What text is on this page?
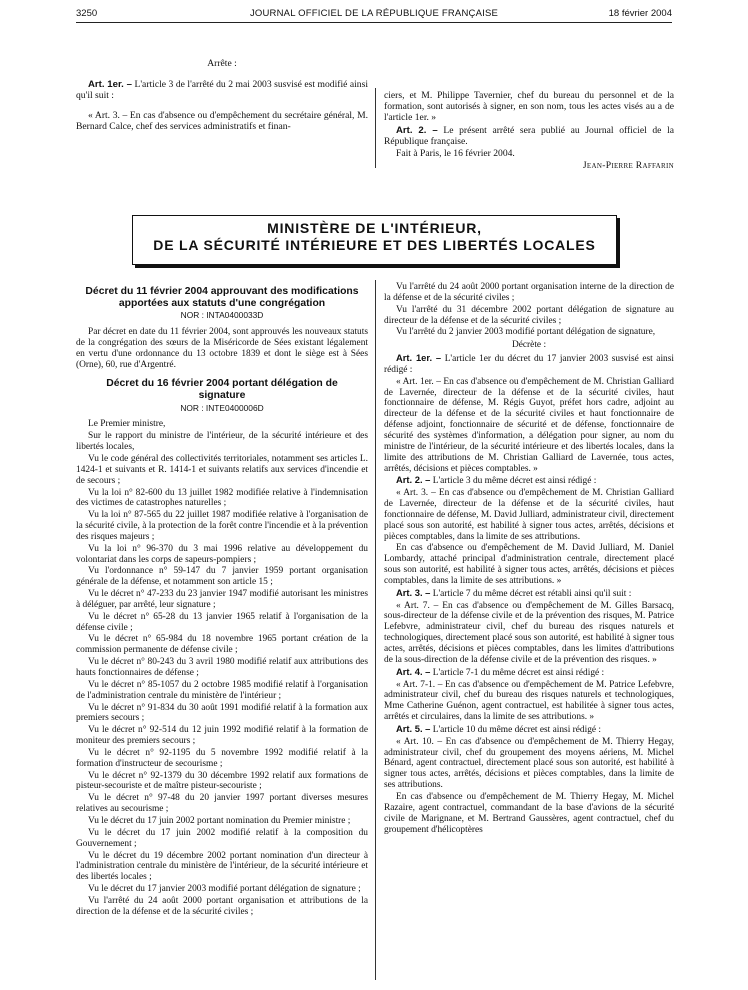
3250	JOURNAL OFFICIEL DE LA RÉPUBLIQUE FRANÇAISE	18 février 2004

Arrête :

Art. 1er. – L'article 3 de l'arrêté du 2 mai 2003 susvisé est modifié ainsi qu'il suit :

« Art. 3. – En cas d'absence ou d'empêchement du secrétaire général, M. Bernard Calce, chef des services administratifs et finan-

ciers, et M. Philippe Tavernier, chef du bureau du personnel et de la formation, sont autorisés à signer, en son nom, tous les actes visés au a de l'article 1er. »

Art. 2. – Le présent arrêté sera publié au Journal officiel de la République française.

Fait à Paris, le 16 février 2004.

Jean-Pierre Raffarin

MINISTÈRE DE L'INTÉRIEUR,
DE LA SÉCURITÉ INTÉRIEURE ET DES LIBERTÉS LOCALES
Décret du 11 février 2004 approuvant des modifications apportées aux statuts d'une congrégation
NOR : INTA0400033D

Par décret en date du 11 février 2004, sont approuvés les nouveaux statuts de la congrégation des sœurs de la Miséricorde de Sées existant légalement en vertu d'une ordonnance du 13 octobre 1839 et dont le siège est à Sées (Orne), 60, rue d'Argentré.

Décret du 16 février 2004 portant délégation de signature
NOR : INTE0400006D

Le Premier ministre,

Sur le rapport du ministre de l'intérieur, de la sécurité intérieure et des libertés locales,

Vu le code général des collectivités territoriales, notamment ses articles L. 1424-1 et suivants et R. 1414-1 et suivants relatifs aux services d'incendie et de secours ;

Vu la loi n° 82-600 du 13 juillet 1982 modifiée relative à l'indemnisation des victimes de catastrophes naturelles ;

Vu la loi n° 87-565 du 22 juillet 1987 modifiée relative à l'organisation de la sécurité civile, à la protection de la forêt contre l'incendie et à la prévention des risques majeurs ;

Vu la loi n° 96-370 du 3 mai 1996 relative au développement du volontariat dans les corps de sapeurs-pompiers ;

Vu l'ordonnance n° 59-147 du 7 janvier 1959 portant organisation générale de la défense, et notamment son article 15 ;

Vu le décret n° 47-233 du 23 janvier 1947 modifié autorisant les ministres à déléguer, par arrêté, leur signature ;

Vu le décret n° 65-28 du 13 janvier 1965 relatif à l'organisation de la défense civile ;

Vu le décret n° 65-984 du 18 novembre 1965 portant création de la commission permanente de défense civile ;

Vu le décret n° 80-243 du 3 avril 1980 modifié relatif aux attributions des hauts fonctionnaires de défense ;

Vu le décret n° 85-1057 du 2 octobre 1985 modifié relatif à l'organisation de l'administration centrale du ministère de l'intérieur ;

Vu le décret n° 91-834 du 30 août 1991 modifié relatif à la formation aux premiers secours ;

Vu le décret n° 92-514 du 12 juin 1992 modifié relatif à la formation de moniteur des premiers secours ;

Vu le décret n° 92-1195 du 5 novembre 1992 modifié relatif à la formation d'instructeur de secourisme ;

Vu le décret n° 92-1379 du 30 décembre 1992 relatif aux formations de pisteur-secouriste et de maître pisteur-secouriste ;

Vu le décret n° 97-48 du 20 janvier 1997 portant diverses mesures relatives au secourisme ;

Vu le décret du 17 juin 2002 portant nomination du Premier ministre ;

Vu le décret du 17 juin 2002 modifié relatif à la composition du Gouvernement ;

Vu le décret du 19 décembre 2002 portant nomination d'un directeur à l'administration centrale du ministère de l'intérieur, de la sécurité intérieure et des libertés locales ;

Vu le décret du 17 janvier 2003 modifié portant délégation de signature ;

Vu l'arrêté du 24 août 2000 portant organisation et attributions de la direction de la défense et de la sécurité civiles ;

Vu l'arrêté du 24 août 2000 portant organisation interne de la direction de la défense et de la sécurité civiles ;

Vu l'arrêté du 31 décembre 2002 portant délégation de signature au directeur de la défense et de la sécurité civiles ;

Vu l'arrêté du 2 janvier 2003 modifié portant délégation de signature,

Décrète :

Art. 1er. – L'article 1er du décret du 17 janvier 2003 susvisé est ainsi rédigé :

« Art. 1er. – En cas d'absence ou d'empêchement de M. Christian Galliard de Lavernée, directeur de la défense et de la sécurité civiles, haut fonctionnaire de défense, M. Régis Guyot, préfet hors cadre, adjoint au directeur de la défense et de la sécurité civiles et haut fonctionnaire de défense adjoint, fonctionnaire de sécurité et de défense, fonctionnaire de sécurité des systèmes d'information, a délégation pour signer, au nom du ministre de l'intérieur, de la sécurité intérieure et des libertés locales, dans la limite des attributions de M. Christian Galliard de Lavernée, tous actes, arrêtés, décisions et pièces comptables. »

Art. 2. – L'article 3 du même décret est ainsi rédigé :

« Art. 3. – En cas d'absence ou d'empêchement de M. Christian Galliard de Lavernée, directeur de la défense et de la sécurité civiles, haut fonctionnaire de défense, M. David Julliard, administrateur civil, directement placé sous son autorité, est habilité à signer tous actes, arrêtés, décisions et pièces comptables, dans la limite de ses attributions.

En cas d'absence ou d'empêchement de M. David Julliard, M. Daniel Lombardy, attaché principal d'administration centrale, directement placé sous son autorité, est habilité à signer tous actes, arrêtés, décisions et pièces comptables, dans la limite de ses attributions. »

Art. 3. – L'article 7 du même décret est rétabli ainsi qu'il suit :

« Art. 7. – En cas d'absence ou d'empêchement de M. Gilles Barsacq, sous-directeur de la défense civile et de la prévention des risques, M. Patrice Lefebvre, administrateur civil, chef du bureau des risques naturels et technologiques, directement placé sous son autorité, est habilité à signer tous actes, arrêtés, décisions et pièces comptables, dans les limites d'attributions de la sous-direction de la défense civile et de la prévention des risques. »

Art. 4. – L'article 7-1 du même décret est ainsi rédigé :

« Art. 7-1. – En cas d'absence ou d'empêchement de M. Patrice Lefebvre, administrateur civil, chef du bureau des risques naturels et technologiques, Mme Catherine Guénon, agent contractuel, est habilitée à signer tous actes, arrêtés et circulaires, dans la limite de ses attributions. »

Art. 5. – L'article 10 du même décret est ainsi rédigé :

« Art. 10. – En cas d'absence ou d'empêchement de M. Thierry Hegay, administrateur civil, chef du groupement des moyens aériens, M. Michel Bénard, agent contractuel, directement placé sous son autorité, est habilité à signer tous actes, arrêtés, décisions et pièces comptables, dans la limite de ses attributions.

En cas d'absence ou d'empêchement de M. Thierry Hegay, M. Michel Razaire, agent contractuel, commandant de la base d'avions de la sécurité civile de Marignane, et M. Bertrand Gaussères, agent contractuel, chef du groupement d'hélicoptères
